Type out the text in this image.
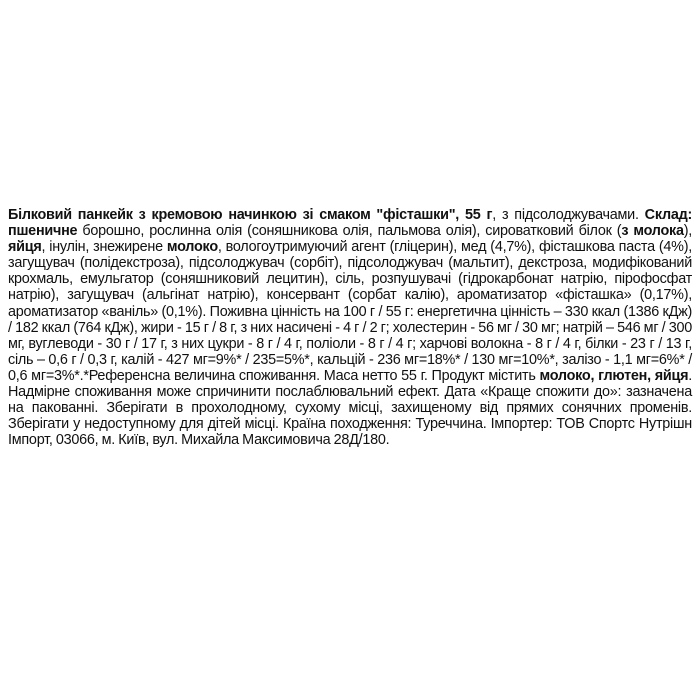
Білковий панкейк з кремовою начинкою зі смаком "фісташки", 55 г, з підсолоджувачами. Склад: пшеничне борошно, рослинна олія (соняшникова олія, пальмова олія), сироватковий білок (з молока), яйця, інулін, знежирене молоко, вологоутримуючий агент (гліцерин), мед (4,7%), фісташкова паста (4%), загущувач (полідекстроза), підсолоджувач (сорбіт), підсолоджувач (мальтит), декстроза, модифікований крохмаль, емульгатор (соняшниковий лецитин), сіль, розпушувачі (гідрокарбонат натрію, пірофосфат натрію), загущувач (альгінат натрію), консервант (сорбат калію), ароматизатор «фісташка» (0,17%), ароматизатор «ваніль» (0,1%). Поживна цінність на 100 г / 55 г: енергетична цінність – 330 ккал (1386 кДж) / 182 ккал (764 кДж), жири - 15 г / 8 г, з них насичені - 4 г / 2 г; холестерин - 56 мг / 30 мг; натрій – 546 мг / 300 мг, вуглеводи - 30 г / 17 г, з них цукри - 8 г / 4 г, поліоли - 8 г / 4 г; харчові волокна - 8 г / 4 г, білки - 23 г / 13 г, сіль – 0,6 г / 0,3 г, калій - 427 мг=9%* / 235=5%*, кальцій - 236 мг=18%* / 130 мг=10%*, залізо - 1,1 мг=6%* / 0,6 мг=3%*.*Референсна величина споживання. Маса нетто 55 г. Продукт містить молоко, глютен, яйця. Надмірне споживання може спричинити послаблювальний ефект. Дата «Краще спожити до»: зазначена на пакованні. Зберігати в прохолодному, сухому місці, захищеному від прямих сонячних променів. Зберігати у недоступному для дітей місці. Країна походження: Туреччина. Імпортер: ТОВ Спортс Нутрішн Імпорт, 03066, м. Київ, вул. Михайла Максимовича 28Д/180.
